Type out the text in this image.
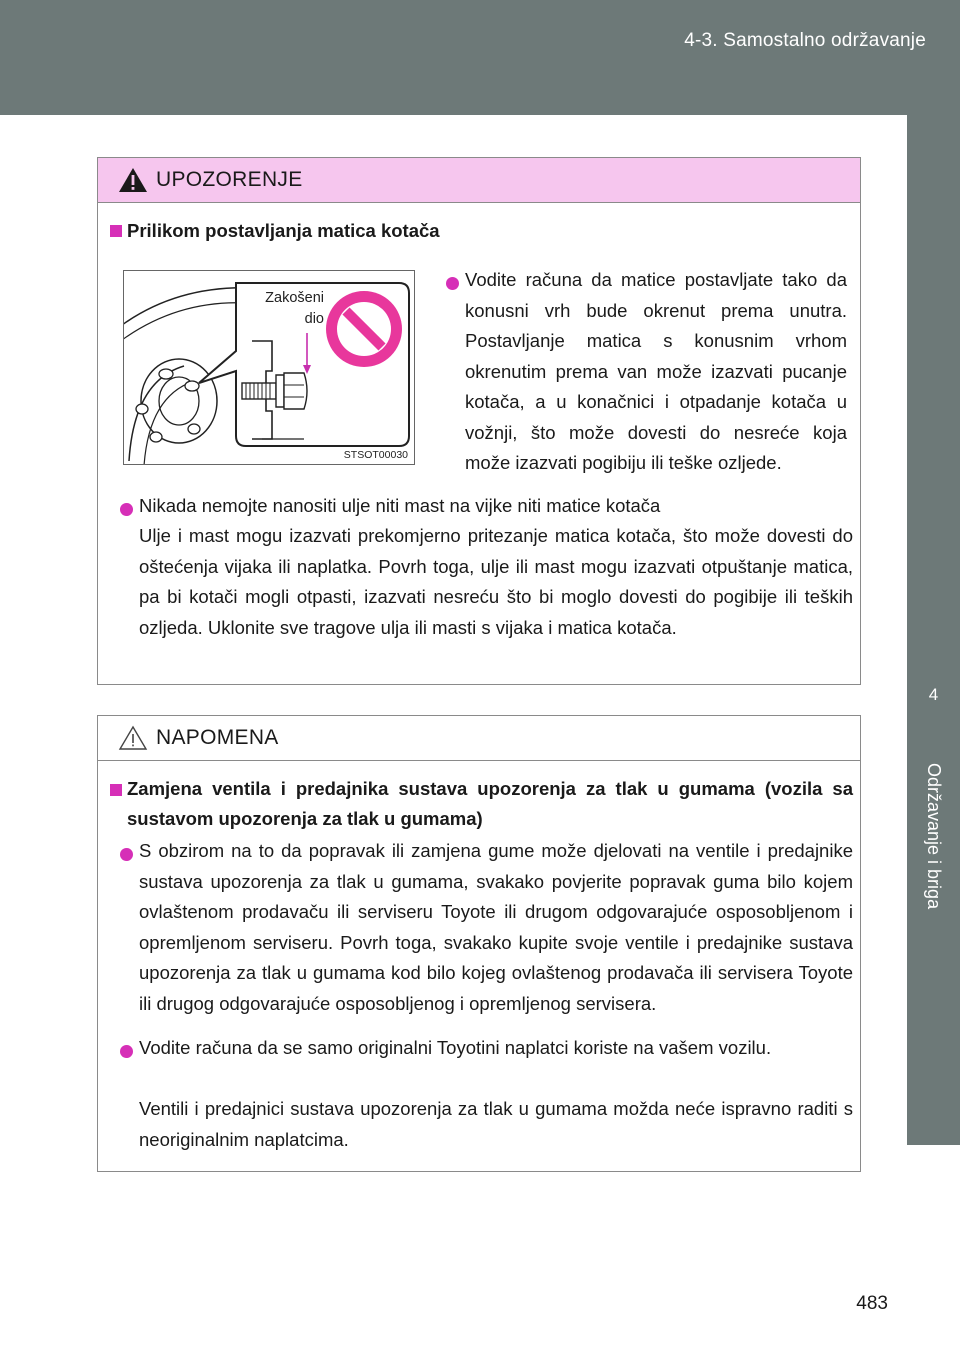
4-3. Samostalno održavanje
4
Održavanje i briga
UPOZORENJE
Prilikom postavljanja matica kotača
Zakošeni
dio
STSOT00030
Vodite računa da matice postavljate tako da konusni vrh bude okrenut prema unutra. Postavljanje matica s konusnim vrhom okrenutim prema van može izazvati pucanje kotača, a u konačnici i otpadanje kotača u vožnji, što može dovesti do nesreće koja može izazvati pogibiju ili teške ozljede.
Nikada nemojte nanositi ulje niti mast na vijke niti matice kotača
Ulje i mast mogu izazvati prekomjerno pritezanje matica kotača, što može dovesti do oštećenja vijaka ili naplatka. Povrh toga, ulje ili mast mogu izazvati otpuštanje matica, pa bi kotači mogli otpasti, izazvati nesreću što bi moglo dovesti do pogibije ili teških ozljeda. Uklonite sve tragove ulja ili masti s vijaka i matica kotača.
NAPOMENA
Zamjena ventila i predajnika sustava upozorenja za tlak u gumama (vozila sa sustavom upozorenja za tlak u gumama)
S obzirom na to da popravak ili zamjena gume može djelovati na ventile i predajnike sustava upozorenja za tlak u gumama, svakako povjerite popravak guma bilo kojem ovlaštenom prodavaču ili serviseru Toyote ili drugom odgovarajuće osposobljenom i opremljenom serviseru. Povrh toga, svakako kupite svoje ventile i predajnike sustava upozorenja za tlak u gumama kod bilo kojeg ovlaštenog prodavača ili servisera Toyote ili drugog odgovarajuće osposobljenog i opremljenog servisera.
Vodite računa da se samo originalni Toyotini naplatci koriste na vašem vozilu.
Ventili i predajnici sustava upozorenja za tlak u gumama možda neće ispravno raditi s neoriginalnim naplatcima.
483
